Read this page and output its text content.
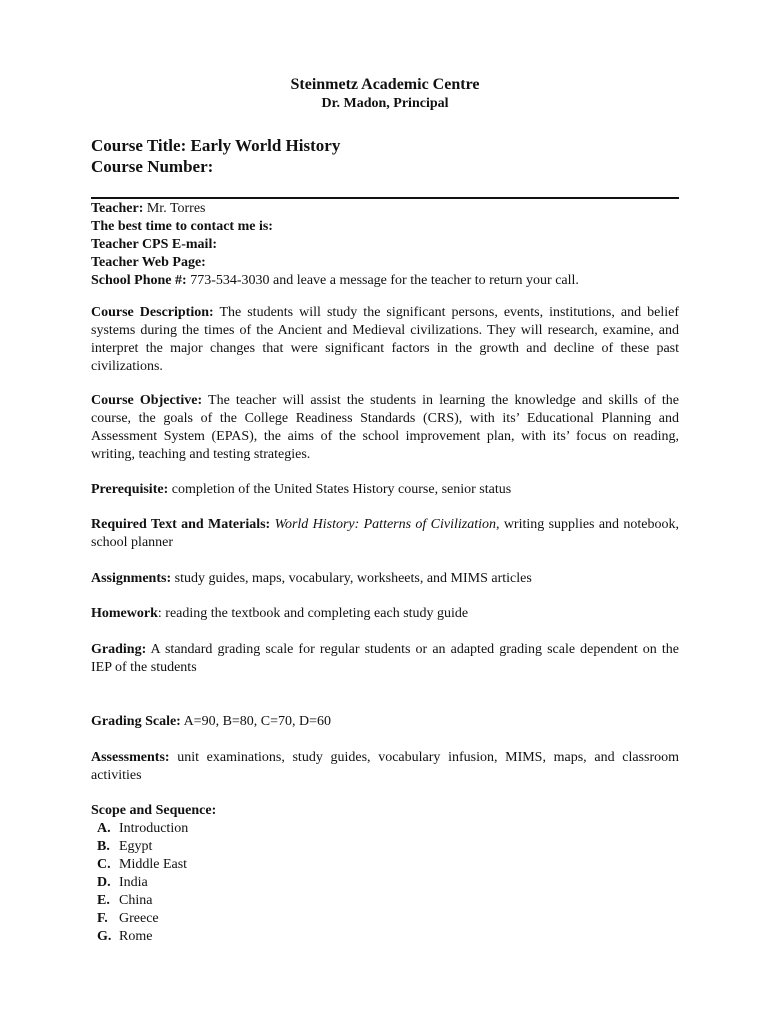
Steinmetz Academic Centre
Dr. Madon, Principal
Course Title: Early World History
Course Number:
Teacher: Mr. Torres
The best time to contact me is:
Teacher CPS E-mail:
Teacher Web Page:
School Phone #: 773-534-3030 and leave a message for the teacher to return your call.
Course Description: The students will study the significant persons, events, institutions, and belief systems during the times of the Ancient and Medieval civilizations. They will research, examine, and interpret the major changes that were significant factors in the growth and decline of these past civilizations.
Course Objective: The teacher will assist the students in learning the knowledge and skills of the course, the goals of the College Readiness Standards (CRS), with its’ Educational Planning and Assessment System (EPAS), the aims of the school improvement plan, with its’ focus on reading, writing, teaching and testing strategies.
Prerequisite: completion of the United States History course, senior status
Required Text and Materials: World History: Patterns of Civilization, writing supplies and notebook, school planner
Assignments: study guides, maps, vocabulary, worksheets, and MIMS articles
Homework: reading the textbook and completing each study guide
Grading: A standard grading scale for regular students or an adapted grading scale dependent on the IEP of the students
Grading Scale: A=90, B=80, C=70, D=60
Assessments: unit examinations, study guides, vocabulary infusion, MIMS, maps, and classroom activities
Scope and Sequence:
A. Introduction
B. Egypt
C. Middle East
D. India
E. China
F. Greece
G. Rome
